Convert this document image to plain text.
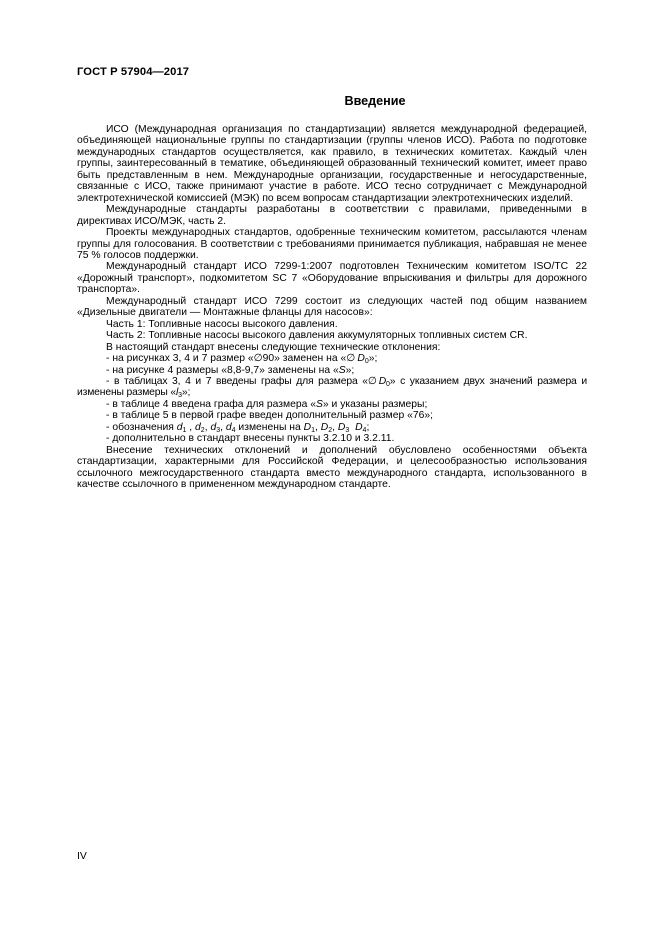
ГОСТ Р 57904—2017
Введение

ИСО (Международная организация по стандартизации) является международной федерацией, объединяющей национальные группы по стандартизации (группы членов ИСО). Работа по подготовке международных стандартов осуществляется, как правило, в технических комитетах. Каждый член группы, заинтересованный в тематике, объединяющей образованный технический комитет, имеет право быть представленным в нем. Международные организации, государственные и негосударственные, связанные с ИСО, также принимают участие в работе. ИСО тесно сотрудничает с Международной электротехнической комиссией (МЭК) по всем вопросам стандартизации электротехнических изделий.

Международные стандарты разработаны в соответствии с правилами, приведенными в директивах ИСО/МЭК, часть 2.

Проекты международных стандартов, одобренные техническим комитетом, рассылаются членам группы для голосования. В соответствии с требованиями принимается публикация, набравшая не менее 75 % голосов поддержки.

Международный стандарт ИСО 7299-1:2007 подготовлен Техническим комитетом ISO/TC 22 «Дорожный транспорт», подкомитетом SC 7 «Оборудование впрыскивания и фильтры для дорожного транспорта».

Международный стандарт ИСО 7299 состоит из следующих частей под общим названием «Дизельные двигатели — Монтажные фланцы для насосов»:

Часть 1: Топливные насосы высокого давления.

Часть 2: Топливные насосы высокого давления аккумуляторных топливных систем CR.

В настоящий стандарт внесены следующие технические отклонения:

- на рисунках 3, 4 и 7 размер «∅90» заменен на «∅  $D_0$»;

- на рисунке 4 размеры «8,8-9,7» заменены на «S»;

- в таблицах 3, 4 и 7 введены графы для размера «∅  $D_0$» с указанием двух значений размера и изменены размеры «$l_3$»;

- в таблице 4 введена графа для размера «S» и указаны размеры;

- в таблице 5 в первой графе введен дополнительный размер «76»;

- обозначения $d_1$ , $d_2$, $d_3$, $d_4$ изменены на $D_1$, $D_2$, $D_3$ $D_4$;

- дополнительно в стандарт внесены пункты 3.2.10 и 3.2.11.

Внесение технических отклонений и дополнений обусловлено особенностями объекта стандартизации, характерными для Российской Федерации, и целесообразностью использования ссылочного межгосударственного стандарта вместо международного стандарта, использованного в качестве ссылочного в примененном международном стандарте.

IV
